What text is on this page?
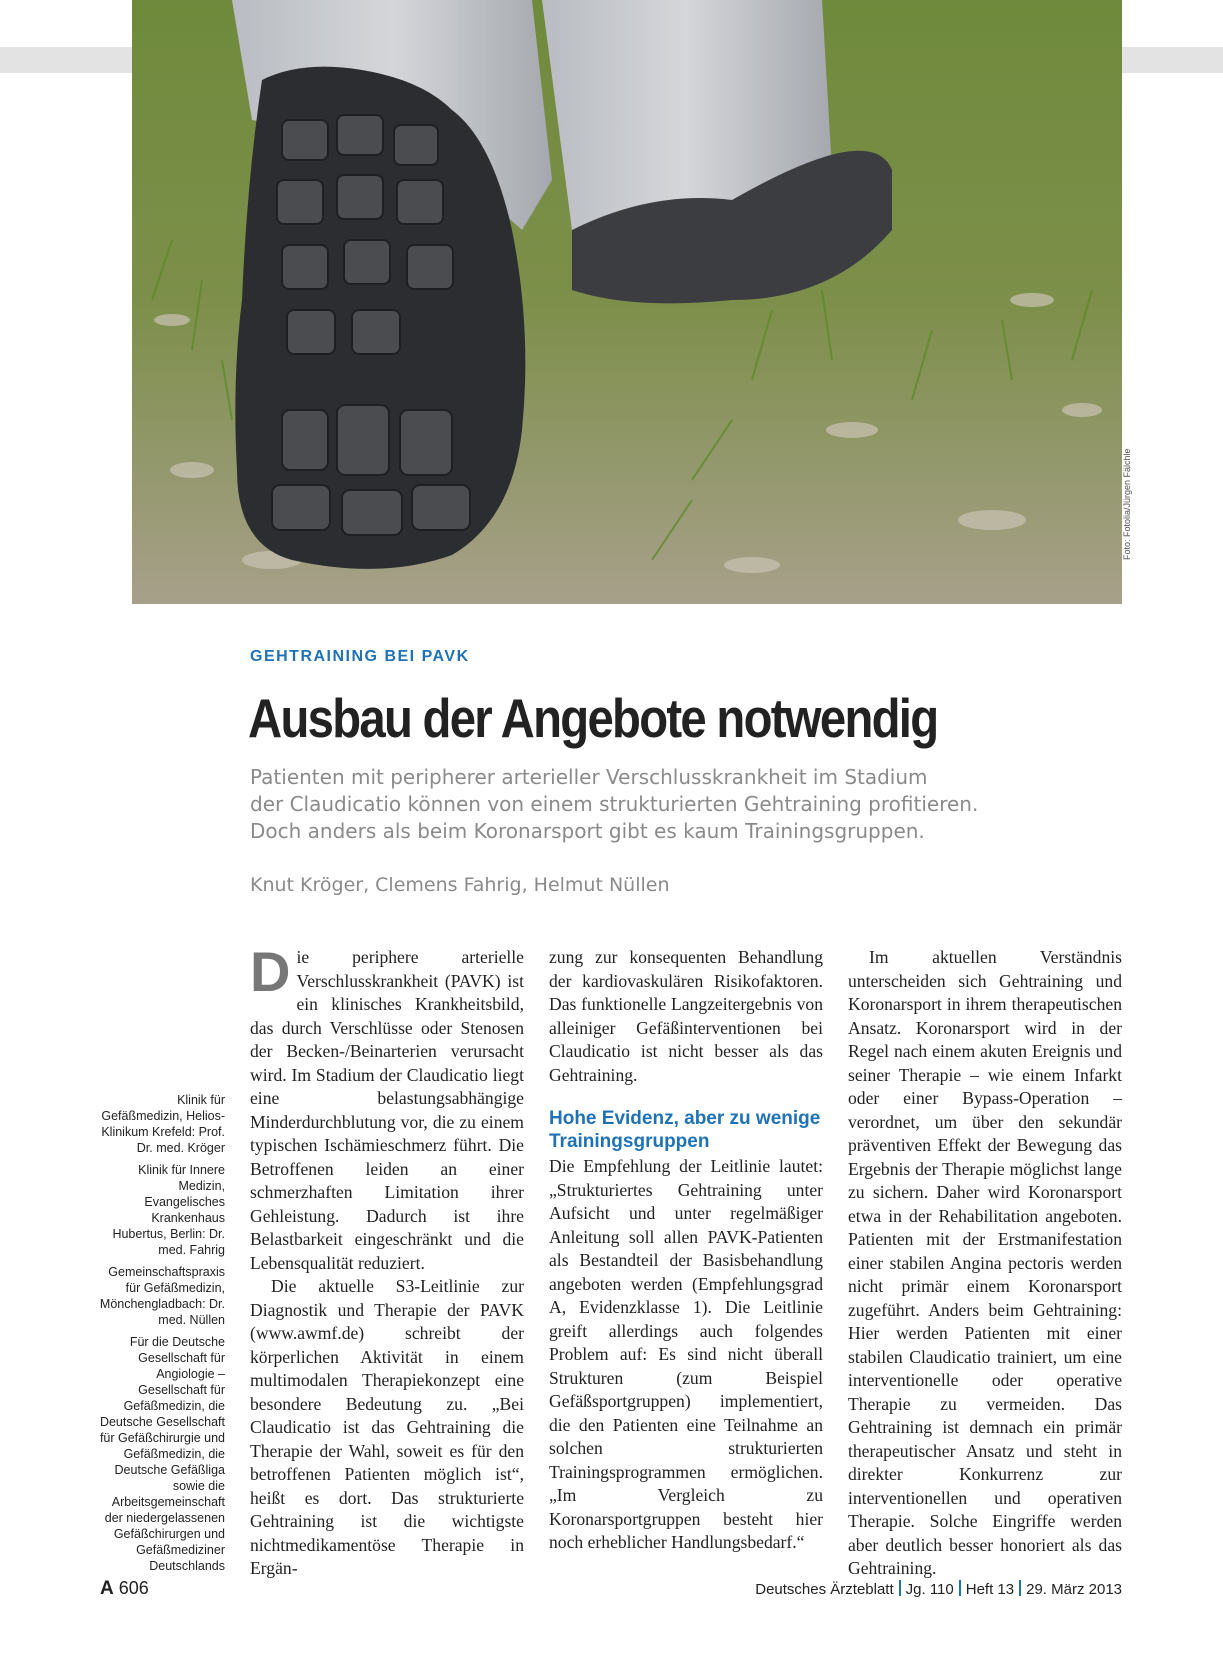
Foto: Fotolia/Jürgen Fälchle
GEHTRAINING BEI PAVK
Ausbau der Angebote notwendig
Patienten mit peripherer arterieller Verschlusskrankheit im Stadium
der Claudicatio können von einem strukturierten Gehtraining profitieren.
Doch anders als beim Koronarsport gibt es kaum Trainingsgruppen.
Knut Kröger, Clemens Fahrig, Helmut Nüllen

Klinik für Gefäßmedizin, Helios-Klinikum Krefeld: Prof. Dr. med. Kröger

Klinik für Innere Medizin, Evangelisches Krankenhaus Hubertus, Berlin: Dr. med. Fahrig

Gemeinschaftspraxis für Gefäßmedizin, Mönchengladbach: Dr. med. Nüllen

Für die Deutsche Gesellschaft für Angiologie – Gesellschaft für Gefäßmedizin, die Deutsche Gesellschaft für Gefäßchirurgie und Gefäßmedizin, die Deutsche Gefäßliga sowie die Arbeitsgemeinschaft der niedergelassenen Gefäßchirurgen und Gefäßmediziner Deutschlands

Die periphere arterielle Verschlusskrankheit (PAVK) ist ein klinisches Krankheitsbild, das durch Verschlüsse oder Stenosen der Becken-/Beinarterien verursacht wird. Im Stadium der Claudicatio liegt eine belastungsabhängige Minderdurchblutung vor, die zu einem typischen Ischämieschmerz führt. Die Betroffenen leiden an einer schmerzhaften Limitation ihrer Gehleistung. Dadurch ist ihre Belastbarkeit eingeschränkt und die Lebensqualität reduziert.

Die aktuelle S3-Leitlinie zur Diagnostik und Therapie der PAVK (www.awmf.de) schreibt der körperlichen Aktivität in einem multimodalen Therapiekonzept eine besondere Bedeutung zu. „Bei Claudicatio ist das Gehtraining die Therapie der Wahl, soweit es für den betroffenen Patienten möglich ist“, heißt es dort. Das strukturierte Gehtraining ist die wichtigste nichtmedikamentöse Therapie in Ergän-

zung zur konsequenten Behandlung der kardiovaskulären Risikofaktoren. Das funktionelle Langzeitergebnis von alleiniger Gefäßinterventionen bei Claudicatio ist nicht besser als das Gehtraining.

Hohe Evidenz, aber zu wenige Trainingsgruppen

Die Empfehlung der Leitlinie lautet: „Strukturiertes Gehtraining unter Aufsicht und unter regelmäßiger Anleitung soll allen PAVK-Patienten als Bestandteil der Basisbehandlung angeboten werden (Empfehlungsgrad A, Evidenzklasse 1). Die Leitlinie greift allerdings auch folgendes Problem auf: Es sind nicht überall Strukturen (zum Beispiel Gefäßsportgruppen) implementiert, die den Patienten eine Teilnahme an solchen strukturierten Trainingsprogrammen ermöglichen. „Im Vergleich zu Koronarsportgruppen besteht hier noch erheblicher Handlungsbedarf.“

Im aktuellen Verständnis unterscheiden sich Gehtraining und Koronarsport in ihrem therapeutischen Ansatz. Koronarsport wird in der Regel nach einem akuten Ereignis und seiner Therapie – wie einem Infarkt oder einer Bypass-Operation – verordnet, um über den sekundär präventiven Effekt der Bewegung das Ergebnis der Therapie möglichst lange zu sichern. Daher wird Koronarsport etwa in der Rehabilitation angeboten. Patienten mit der Erstmanifestation einer stabilen Angina pectoris werden nicht primär einem Koronarsport zugeführt. Anders beim Gehtraining: Hier werden Patienten mit einer stabilen Claudicatio trainiert, um eine interventionelle oder operative Therapie zu vermeiden. Das Gehtraining ist demnach ein primär therapeutischer Ansatz und steht in direkter Konkurrenz zur interventionellen und operativen Therapie. Solche Eingriffe werden aber deutlich besser honoriert als das Gehtraining.

A 606	Deutsches Ärzteblatt Jg. 110 Heft 13 29. März 2013
